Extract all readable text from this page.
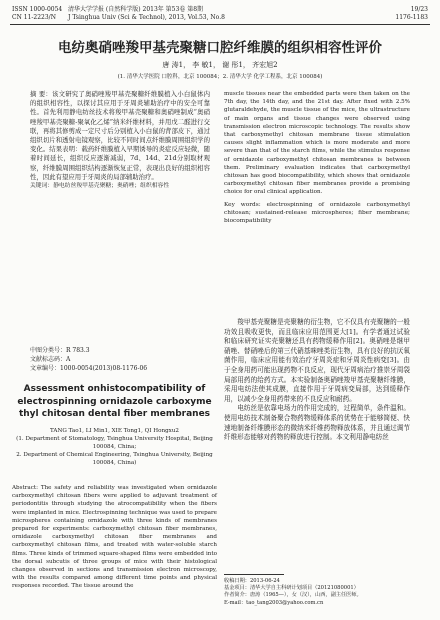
ISSN 1000-0054
CN 11-2223/N
清华大学学报 (自然科学版) 2013年 第53卷 第8期
J Tsinghua Univ (Sci & Technol), 2013, Vol.53, No.8
19/23
1176-1183
电纺奥硝唑羧甲基壳聚糖口腔纤维膜的组织相容性评价
唐 涛1， 李 敏1， 谢 彤1， 齐宏旭2
(1. 清华大学医院 口腔科，北京 100084；2. 清华大学 化学工程系，北京 100084)
摘 要：该文研究了奥硝唑羧甲基壳聚糖纤维膜植入小白鼠体内的组织相容性，以探讨其应用于牙周炎辅助治疗中的安全可靠性。首先利用静电纺丝技术将羧甲基壳聚糖和奥硝唑制成“奥硝唑羧甲基壳聚糖-聚氧化乙烯”纳米纤维材料，并用戊二醛进行交联，再将其修剪成一定尺寸后分别植入小白鼠的背部皮下，通过组织切片和透射电镜观察，比较不同时间点纤维膜周围组织学的变化。结果表明：载药纤维膜植入早期诱导的炎症反应轻微，随着时间延长，组织反应逐渐减弱，7d、14d、21d分别取材观察，纤维膜周围组织结构逐渐恢复正常，表现出良好的组织相容性，因此有望应用于牙周炎的局部辅助治疗。
关键词：静电纺丝羧甲基壳聚糖；奥硝唑；组织相容性
muscle tissues near the embedded parts were then taken on the 7th day, the 14th day, and the 21st day. After fixed with 2.5% glutaraldehyde, the muscle tissue of the mice, the ultrastructure of main organs and tissue changes were observed using transmission electron microscopic technology. The results show that carboxymethyl chitosan membrane tissue stimulation causes slight inflammation which is more moderate and more severe than that of the starch films, while the stimulus response of ornidazole carboxymethyl chitosan membranes is between them. Preliminary evaluation indicates that carboxymethyl chitosan has good biocompatibility, which shows that ornidazole carboxymethyl chitosan fiber membranes provide a promising choice for oral clinical application.
Key words: electrospinning of ornidazole carboxymethyl chitosan; sustained-release microspheres; fiber membrane; biocompatibility
中图分类号：R 783.3
文献标志码：A
文章编号：1000-0054(2013)08-1176-06
Assessment onhistocompatibility of electrospinning ornidazole carboxyme thyl chitosan dental fiber membranes
TANG Tao1, LI Min1, XIE Tong1, QI Hongxu2
(1. Department of Stomatology, Tsinghua University Hospital, Beijing 100084, China;
2. Department of Chemical Engineering, Tsinghua University, Beijing 100084, China)
Abstract: The safety and reliability was investigated when ornidazole carboxymethyl chitosan fibers were applied to adjuvant treatment of periodontitis through studying the atrocompatibility when the fibers were implanted in mice. Electrospinning technique was used to prepare microspheres containing ornidazole with three kinds of membranes prepared for experiments: carboxymethyl chitosan fiber membranes, ornidazole carboxymethyl chitosan fiber membranes and carboxymethyl chitosan films, and treated with water-soluble starch films. Three kinds of trimmed square-shaped films were embedded into the dorsal subcutis of three groups of mice with their histological changes observed in sections and transmission electron microscopy, with the results compared among different time points and physical responses recorded. The tissue around the
羧甲基壳聚糖是壳聚糖的衍生物，它不仅具有壳聚糖的一般功效且吸收更快，而且临床应用范围更大[1]。有学者通过试验和临床研究证实壳聚糖还具有药物缓释作用[2]。奥硝唑是继甲硝唑、替硝唑后的第三代硝基咪唑类衍生物，具有良好的抗厌氧菌作用，临床应用能有效治疗牙周炎症和牙周炎性病变[3]。由于全身用药可能出现药物不良反应，现代牙周病治疗推崇牙周袋局部用药的给药方式。本实验制备奥硝唑羧甲基壳聚糖纤维膜，采用电纺法使其成膜，直接作用于牙周病变局部，达到缓释作用，以减少全身用药带来的不良反应和耐药。
电纺丝是依靠电场力的作用完成的，过程简单，条件温和。使用电纺技术制备聚合物药物缓释体系的优势在于能够简便、快速地制备纤维膜形态的微纳米纤维药物释放体系，并且通过调节纤维形态能够对药物的释放进行控制。本文利用静电纺丝
收稿日期：2013-06-24
基金项目：清华大学自主科研计划项目（20121080001）
作者简介：唐涛（1965—），女（汉），山西，副主任医师。
E-mail：tao_tang2003@yahoo.com.cn
